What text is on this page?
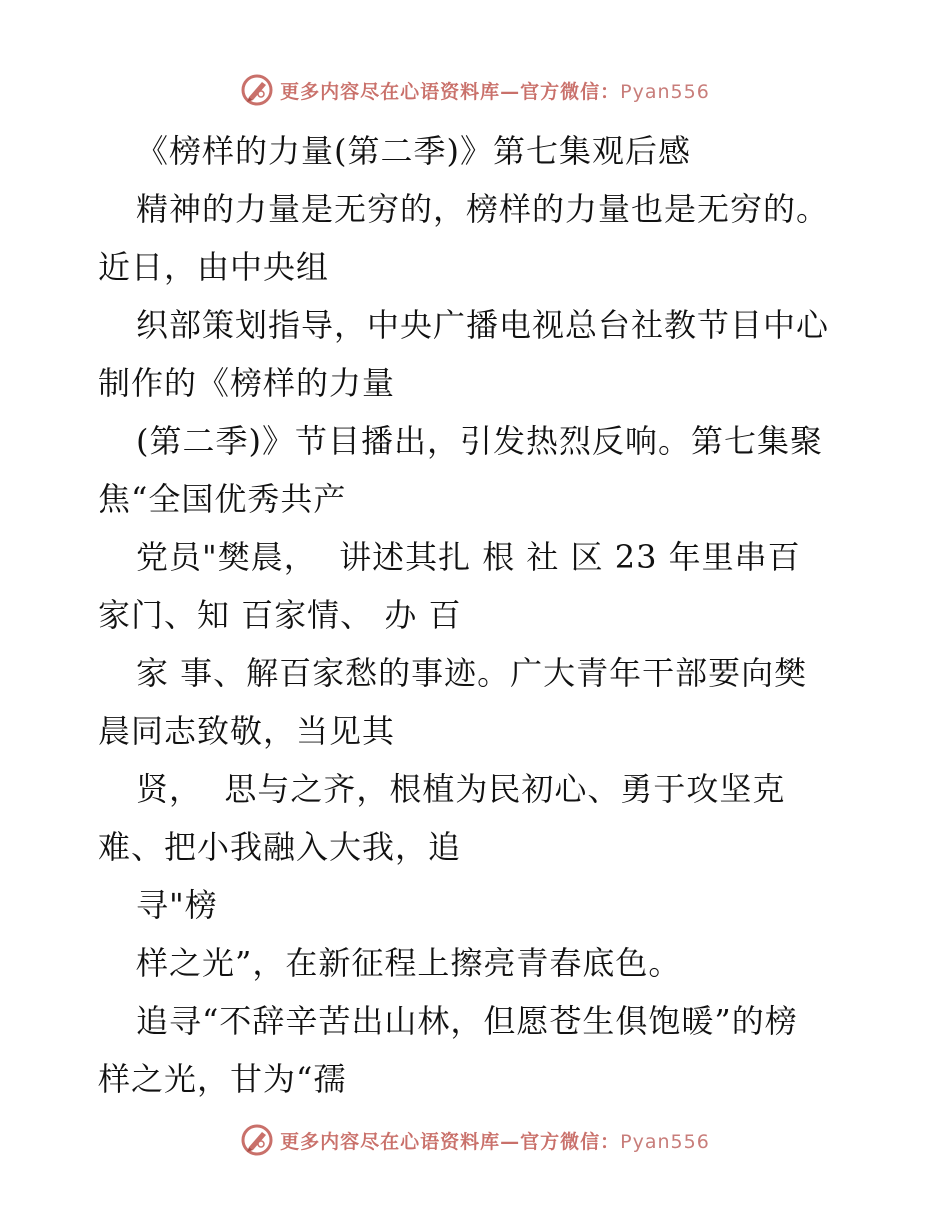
更多内容尽在心语资料库—官方微信：Pyan556
《榜样的力量(第二季)》第七集观后感
精神的力量是无穷的，榜样的力量也是无穷的。
近日，由中央组
织部策划指导，中央广播电视总台社教节目中心
制作的《榜样的力量
(第二季)》节目播出，引发热烈反响。第七集聚
焦“全国优秀共产
党员"樊晨，  讲述其扎 根 社 区 23 年里串百
家门、知 百家情、 办 百
家 事、解百家愁的事迹。广大青年干部要向樊
晨同志致敬，当见其
贤，  思与之齐，根植为民初心、勇于攻坚克
难、把小我融入大我，追
寻"榜
样之光”，在新征程上擦亮青春底色。
追寻“不辞辛苦出山林，但愿苍生俱饱暖”的榜
样之光，甘为“孺
更多内容尽在心语资料库—官方微信：Pyan556
